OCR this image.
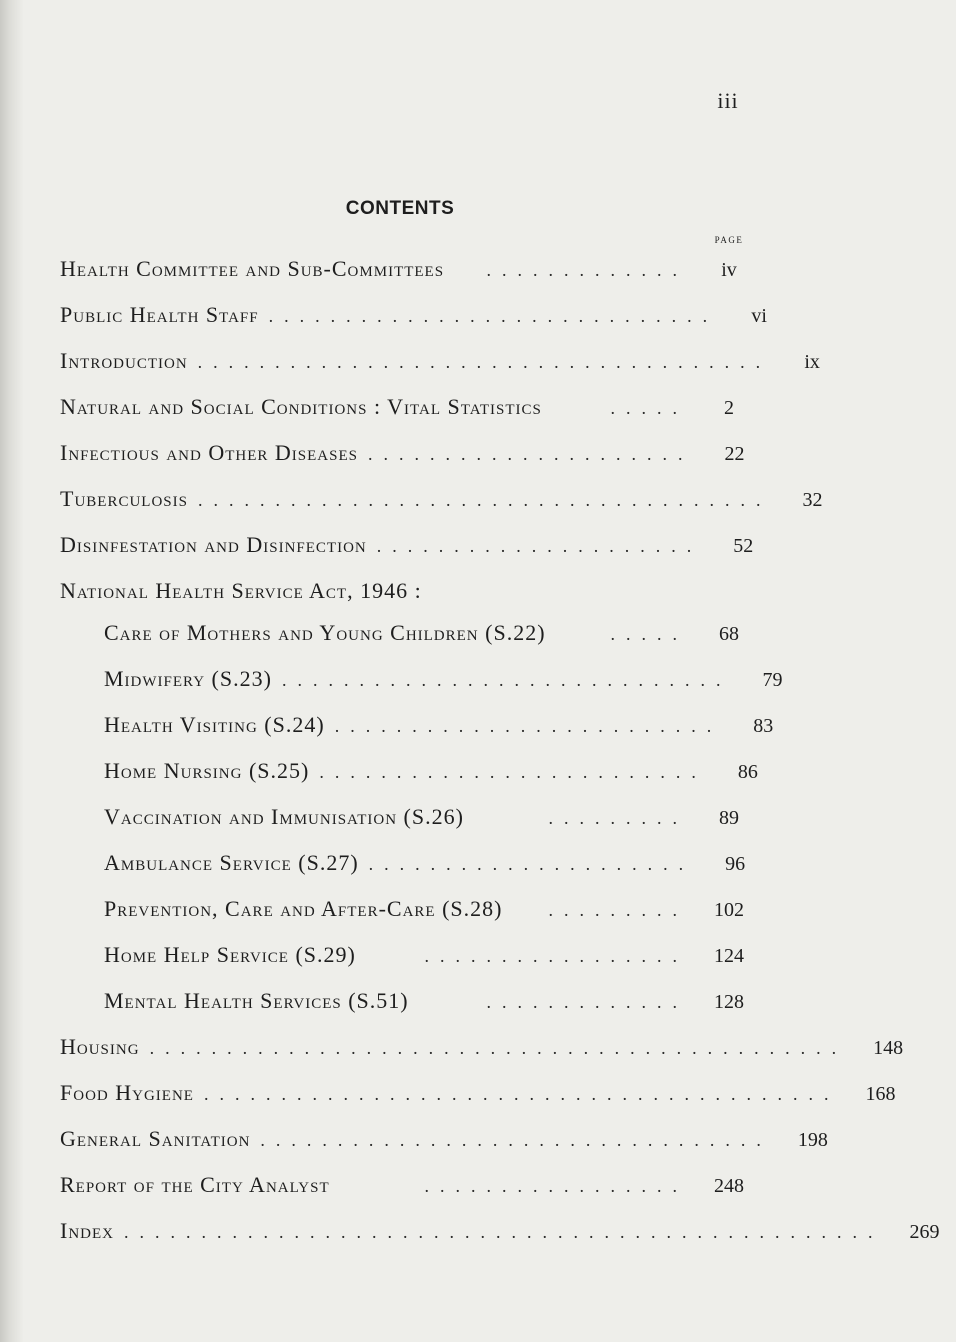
iii
CONTENTS
page
Health Committee and Sub-Committees	.............	iv
Public Health Staff .............................	vi
Introduction .....................................	ix
Natural and Social Conditions : Vital Statistics	.....	2
Infectious and Other Diseases .....................	22
Tuberculosis .....................................	32
Disinfestation and Disinfection .....................	52
National Health Service Act, 1946 :
Care of Mothers and Young Children (S.22)	.....	68
Midwifery (S.23) .............................	79
Health Visiting (S.24) .........................	83
Home Nursing (S.25) .........................	86
Vaccination and Immunisation (S.26)	.........	89
Ambulance Service (S.27) .....................	96
Prevention, Care and After-Care (S.28)	.........	102
Home Help Service (S.29)	.................	124
Mental Health Services (S.51)	.............	128
Housing .............................................	148
Food Hygiene .........................................	168
General Sanitation .................................	198
Report of the City Analyst	.................	248
Index .................................................	269
